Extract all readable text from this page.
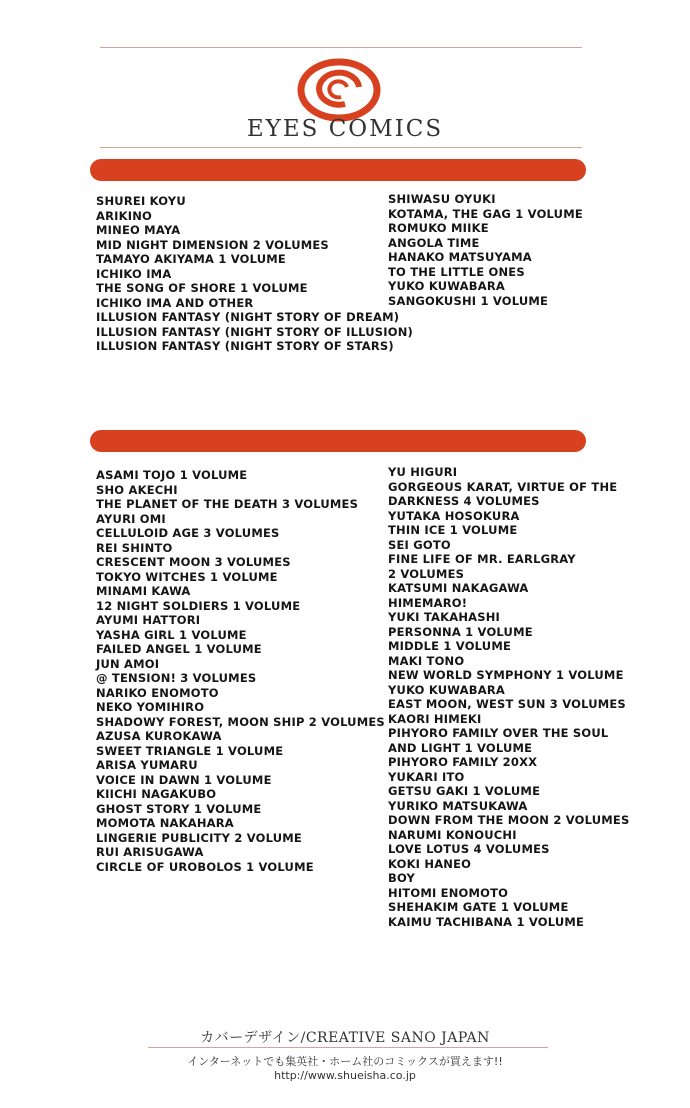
EYES COMICS
SHUREI KOYU
ARIKINO
MINEO MAYA
MID NIGHT DIMENSION 2 VOLUMES
TAMAYO AKIYAMA 1 VOLUME
ICHIKO IMA
THE SONG OF SHORE 1 VOLUME
ICHIKO IMA AND OTHER
ILLUSION FANTASY (NIGHT STORY OF DREAM)
ILLUSION FANTASY (NIGHT STORY OF ILLUSION)
ILLUSION FANTASY (NIGHT STORY OF STARS)
SHIWASU OYUKI
KOTAMA, THE GAG 1 VOLUME
ROMUKO MIIKE
ANGOLA TIME
HANAKO MATSUYAMA
TO THE LITTLE ONES
YUKO KUWABARA
SANGOKUSHI 1 VOLUME
ASAMI TOJO 1 VOLUME
SHO AKECHI
THE PLANET OF THE DEATH 3 VOLUMES
AYURI OMI
CELLULOID AGE 3 VOLUMES
REI SHINTO
CRESCENT MOON 3 VOLUMES
TOKYO WITCHES 1 VOLUME
MINAMI KAWA
12 NIGHT SOLDIERS 1 VOLUME
AYUMI HATTORI
YASHA GIRL 1 VOLUME
FAILED ANGEL 1 VOLUME
JUN AMOI
@ TENSION! 3 VOLUMES
NARIKO ENOMOTO
NEKO YOMIHIRO
SHADOWY FOREST, MOON SHIP 2 VOLUMES
AZUSA KUROKAWA
SWEET TRIANGLE 1 VOLUME
ARISA YUMARU
VOICE IN DAWN 1 VOLUME
KIICHI NAGAKUBO
GHOST STORY 1 VOLUME
MOMOTA NAKAHARA
LINGERIE PUBLICITY 2 VOLUME
RUI ARISUGAWA
CIRCLE OF UROBOLOS 1 VOLUME
YU HIGURI
GORGEOUS KARAT, VIRTUE OF THE
DARKNESS 4 VOLUMES
YUTAKA HOSOKURA
THIN ICE 1 VOLUME
SEI GOTO
FINE LIFE OF MR. EARLGRAY
2 VOLUMES
KATSUMI NAKAGAWA
HIMEMARO!
YUKI TAKAHASHI
PERSONNA 1 VOLUME
MIDDLE 1 VOLUME
MAKI TONO
NEW WORLD SYMPHONY 1 VOLUME
YUKO KUWABARA
EAST MOON, WEST SUN 3 VOLUMES
KAORI HIMEKI
PIHYORO FAMILY OVER THE SOUL
AND LIGHT 1 VOLUME
PIHYORO FAMILY 20XX
YUKARI ITO
GETSU GAKI 1 VOLUME
YURIKO MATSUKAWA
DOWN FROM THE MOON 2 VOLUMES
NARUMI KONOUCHI
LOVE LOTUS 4 VOLUMES
KOKI HANEO
BOY
HITOMI ENOMOTO
SHEHAKIM GATE 1 VOLUME
KAIMU TACHIBANA 1 VOLUME
カバーデザイン/CREATIVE SANO JAPAN
インターネットでも集英社・ホーム社のコミックスが買えます!!
http://www.shueisha.co.jp
